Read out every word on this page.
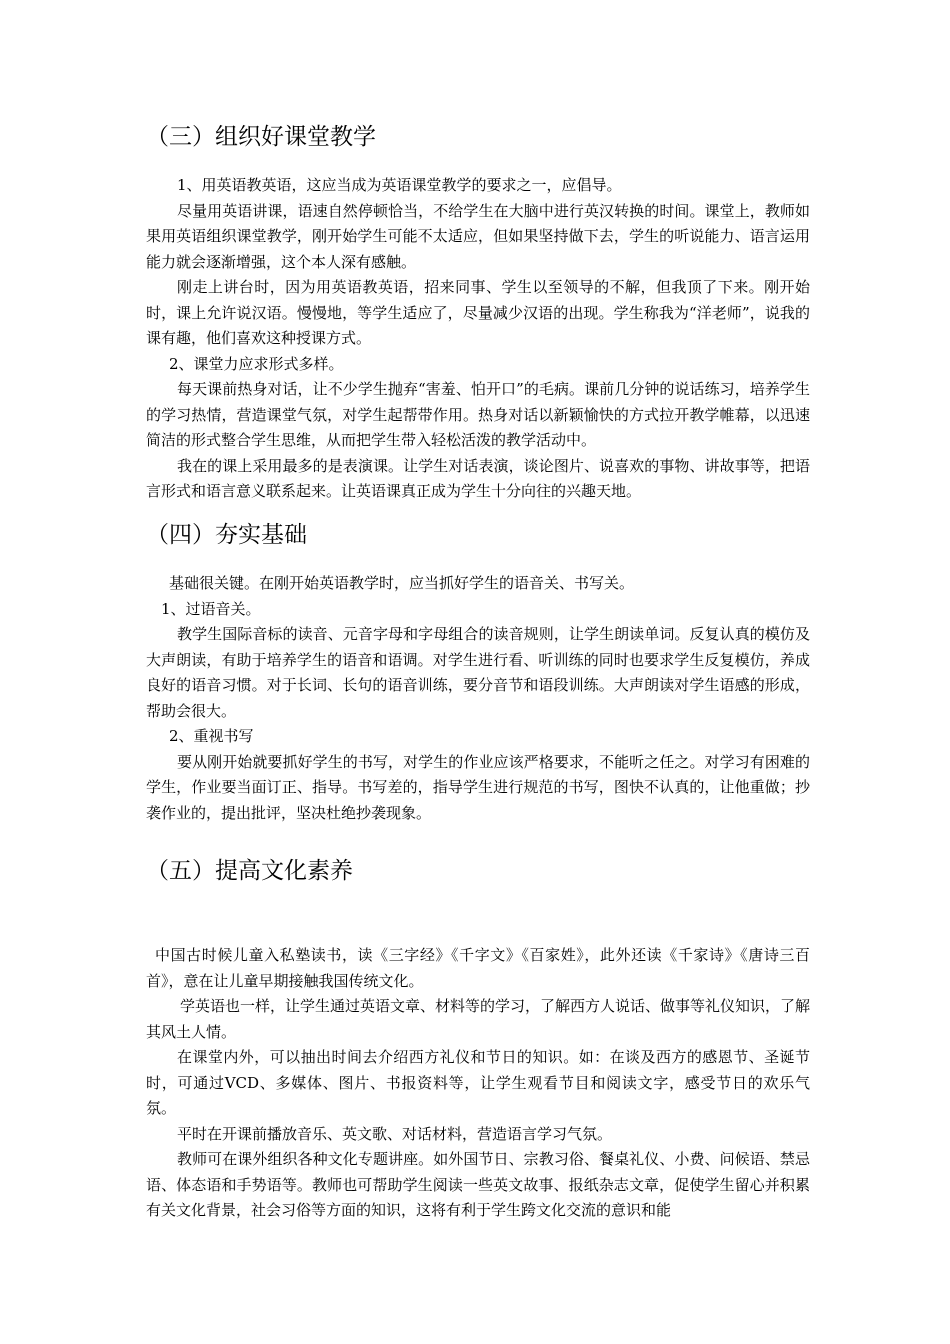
（三）组织好课堂教学

1、用英语教英语，这应当成为英语课堂教学的要求之一，应倡导。

尽量用英语讲课，语速自然停顿恰当，不给学生在大脑中进行英汉转换的时间。课堂上，教师如果用英语组织课堂教学，刚开始学生可能不太适应，但如果坚持做下去，学生的听说能力、语言运用能力就会逐渐增强，这个本人深有感触。

刚走上讲台时，因为用英语教英语，招来同事、学生以至领导的不解，但我顶了下来。刚开始时，课上允许说汉语。慢慢地，等学生适应了，尽量减少汉语的出现。学生称我为“洋老师”，说我的课有趣，他们喜欢这种授课方式。

2、课堂力应求形式多样。

每天课前热身对话，让不少学生抛弃“害羞、怕开口”的毛病。课前几分钟的说话练习，培养学生的学习热情，营造课堂气氛，对学生起帮带作用。热身对话以新颖愉快的方式拉开教学帷幕，以迅速简洁的形式整合学生思维，从而把学生带入轻松活泼的教学活动中。

我在的课上采用最多的是表演课。让学生对话表演，谈论图片、说喜欢的事物、讲故事等，把语言形式和语言意义联系起来。让英语课真正成为学生十分向往的兴趣天地。

（四）夯实基础

基础很关键。在刚开始英语教学时，应当抓好学生的语音关、书写关。

1、过语音关。

教学生国际音标的读音、元音字母和字母组合的读音规则，让学生朗读单词。反复认真的模仿及大声朗读，有助于培养学生的语音和语调。对学生进行看、听训练的同时也要求学生反复模仿，养成良好的语音习惯。对于长词、长句的语音训练，要分音节和语段训练。大声朗读对学生语感的形成，帮助会很大。

2、重视书写

要从刚开始就要抓好学生的书写，对学生的作业应该严格要求，不能听之任之。对学习有困难的学生，作业要当面订正、指导。书写差的，指导学生进行规范的书写，图快不认真的，让他重做；抄袭作业的，提出批评，坚决杜绝抄袭现象。

（五）提高文化素养

中国古时候儿童入私塾读书，读《三字经》《千字文》《百家姓》，此外还读《千家诗》《唐诗三百首》，意在让儿童早期接触我国传统文化。

学英语也一样，让学生通过英语文章、材料等的学习，了解西方人说话、做事等礼仪知识，了解其风土人情。

在课堂内外，可以抽出时间去介绍西方礼仪和节日的知识。如：在谈及西方的感恩节、圣诞节时，可通过VCD、多媒体、图片、书报资料等，让学生观看节目和阅读文字，感受节日的欢乐气氛。

平时在开课前播放音乐、英文歌、对话材料，营造语言学习气氛。

教师可在课外组织各种文化专题讲座。如外国节日、宗教习俗、餐桌礼仪、小费、问候语、禁忌语、体态语和手势语等。教师也可帮助学生阅读一些英文故事、报纸杂志文章，促使学生留心并积累有关文化背景，社会习俗等方面的知识，这将有利于学生跨文化交流的意识和能
